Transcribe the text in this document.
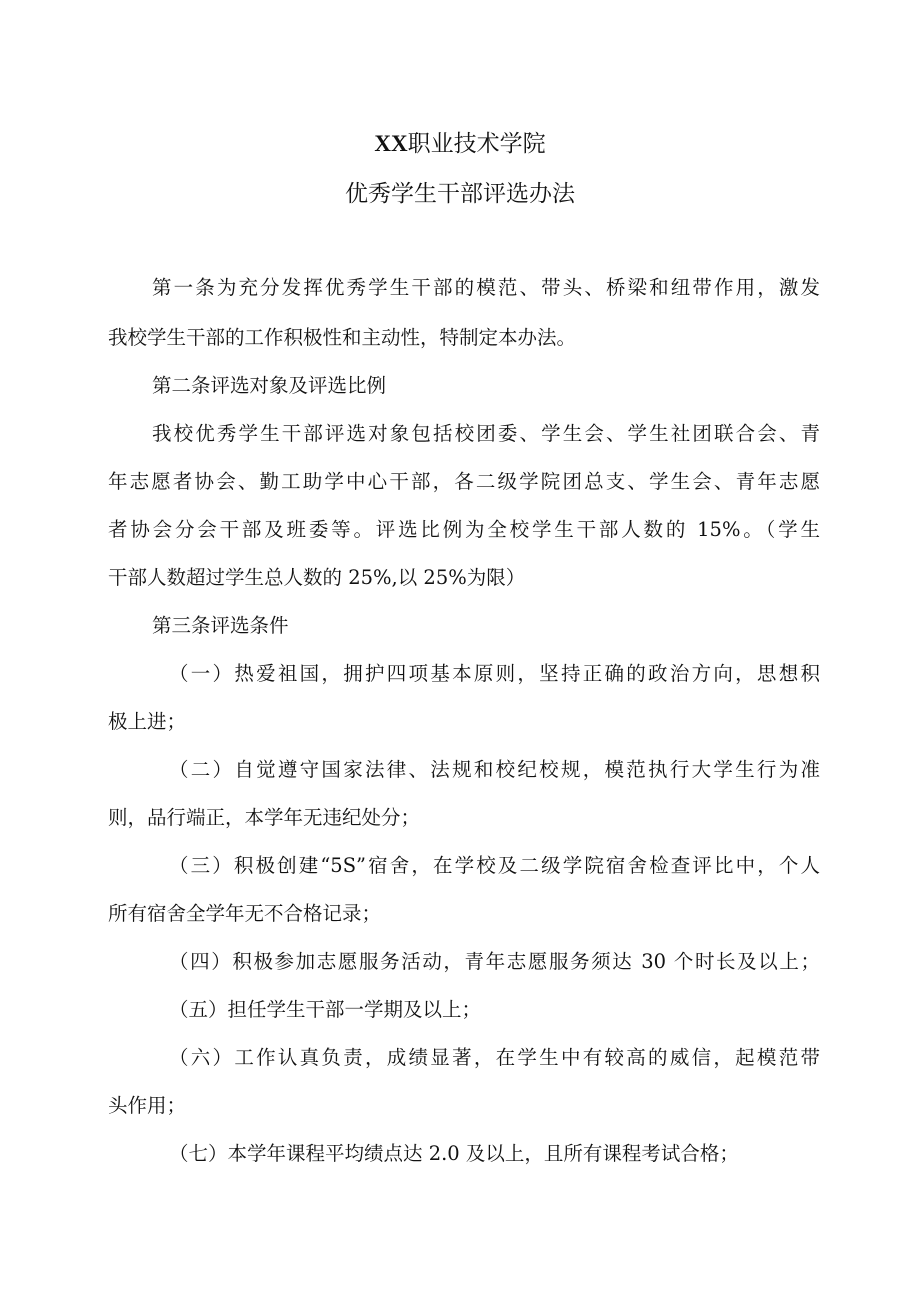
XX职业技术学院
优秀学生干部评选办法
第一条为充分发挥优秀学生干部的模范、带头、桥梁和纽带作用，激发
我校学生干部的工作积极性和主动性，特制定本办法。
第二条评选对象及评选比例
我校优秀学生干部评选对象包括校团委、学生会、学生社团联合会、青
年志愿者协会、勤工助学中心干部，各二级学院团总支、学生会、青年志愿
者协会分会干部及班委等。评选比例为全校学生干部人数的 15%。（学生
干部人数超过学生总人数的 25%,以 25%为限）
第三条评选条件
（一）热爱祖国，拥护四项基本原则，坚持正确的政治方向，思想积
极上进；
（二）自觉遵守国家法律、法规和校纪校规，模范执行大学生行为准
则，品行端正，本学年无违纪处分；
（三）积极创建“5S”宿舍，在学校及二级学院宿舍检查评比中，个人
所有宿舍全学年无不合格记录；
（四）积极参加志愿服务活动，青年志愿服务须达 30 个时长及以上；
（五）担任学生干部一学期及以上；
（六）工作认真负责，成绩显著，在学生中有较高的威信，起模范带
头作用；
（七）本学年课程平均绩点达 2.0 及以上，且所有课程考试合格；
